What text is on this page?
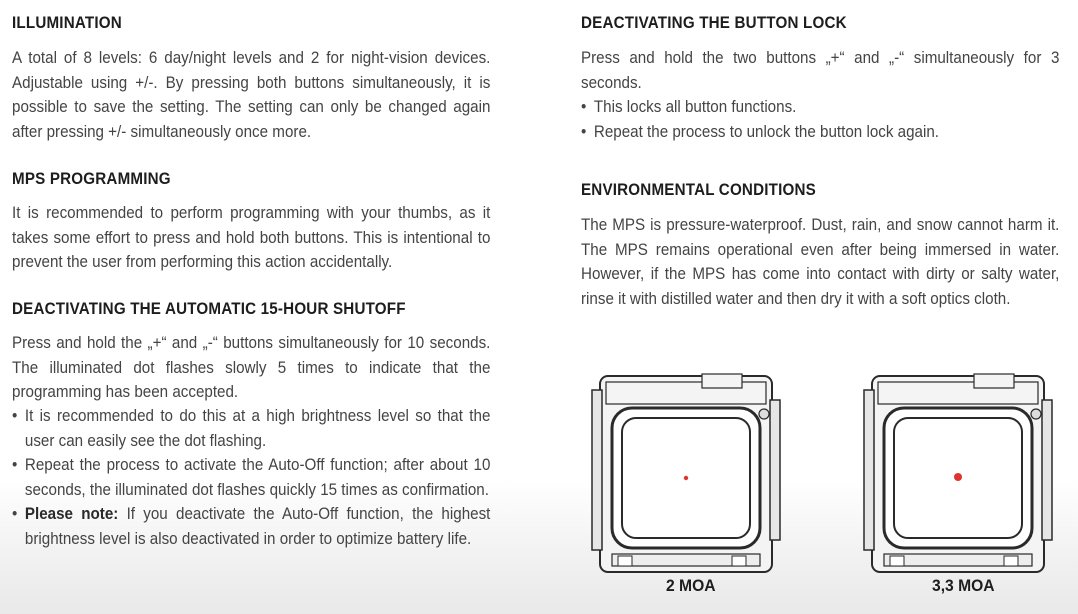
ILLUMINATION

A total of 8 levels: 6 day/night levels and 2 for night-vision devices. Adjustable using +/-. By pressing both buttons simultaneously, it is possible to save the setting. The setting can only be changed again after pressing +/- simultaneously once more.

MPS PROGRAMMING

It is recommended to perform programming with your thumbs, as it takes some effort to press and hold both buttons. This is intentional to prevent the user from performing this action accidentally.

DEACTIVATING THE AUTOMATIC 15-HOUR SHUTOFF

Press and hold the „+“ and „-“ buttons simultaneously for 10 seconds. The illuminated dot flashes slowly 5 times to indicate that the programming has been accepted.

• It is recommended to do this at a high brightness level so that the user can easily see the dot flashing.
• Repeat the process to activate the Auto-Off function; after about 10 seconds, the illuminated dot flashes quickly 15 times as confirmation.
• Please note: If you deactivate the Auto-Off function, the highest brightness level is also deactivated in order to optimize battery life.
DEACTIVATING THE BUTTON LOCK

Press and hold the two buttons „+“ and „-“ simultaneously for 3 seconds.

• This locks all button functions.
• Repeat the process to unlock the button lock again.
ENVIRONMENTAL CONDITIONS

The MPS is pressure-waterproof. Dust, rain, and snow cannot harm it. The MPS remains operational even after being immersed in water. However, if the MPS has come into contact with dirty or salty water, rinse it with distilled water and then dry it with a soft optics cloth.

2 MOA	3,3 MOA
